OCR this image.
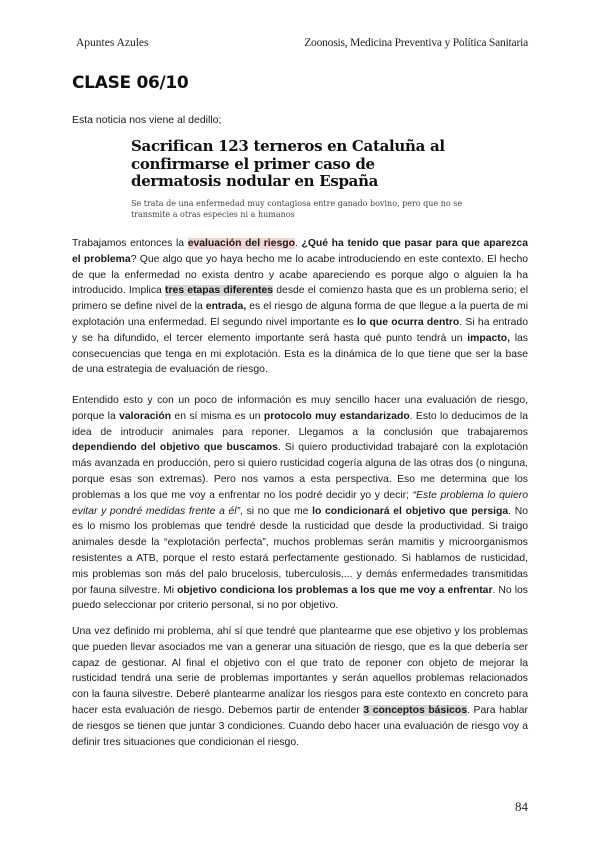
Apuntes Azules	Zoonosis, Medicina Preventiva y Política Sanitaria
CLASE 06/10
Esta noticia nos viene al dedillo;
Sacrifican 123 terneros en Cataluña al confirmarse el primer caso de dermatosis nodular en España
Se trata de una enfermedad muy contagiosa entre ganado bovino, pero que no se transmite a otras especies ni a humanos
Trabajamos entonces la evaluación del riesgo. ¿Qué ha tenido que pasar para que aparezca el problema? Que algo que yo haya hecho me lo acabe introduciendo en este contexto. El hecho de que la enfermedad no exista dentro y acabe apareciendo es porque algo o alguien la ha introducido. Implica tres etapas diferentes desde el comienzo hasta que es un problema serio; el primero se define nivel de la entrada, es el riesgo de alguna forma de que llegue a la puerta de mi explotación una enfermedad. El segundo nivel importante es lo que ocurra dentro. Si ha entrado y se ha difundido, el tercer elemento importante será hasta qué punto tendrá un impacto, las consecuencias que tenga en mi explotación. Esta es la dinámica de lo que tiene que ser la base de una estrategia de evaluación de riesgo.
Entendido esto y con un poco de información es muy sencillo hacer una evaluación de riesgo, porque la valoración en sí misma es un protocolo muy estandarizado. Esto lo deducimos de la idea de introducir animales para reponer. Llegamos a la conclusión que trabajaremos dependiendo del objetivo que buscamos. Si quiero productividad trabajaré con la explotación más avanzada en producción, pero si quiero rusticidad cogería alguna de las otras dos (o ninguna, porque esas son extremas). Pero nos vamos a esta perspectiva. Eso me determina que los problemas a los que me voy a enfrentar no los podré decidir yo y decir; “Este problema lo quiero evitar y pondré medidas frente a él”, si no que me lo condicionará el objetivo que persiga. No es lo mismo los problemas que tendré desde la rusticidad que desde la productividad. Si traigo animales desde la “explotación perfecta”, muchos problemas serán mamitis y microorganismos resistentes a ATB, porque el resto estará perfectamente gestionado. Si hablamos de rusticidad, mis problemas son más del palo brucelosis, tuberculosis,... y demás enfermedades transmitidas por fauna silvestre. Mi objetivo condiciona los problemas a los que me voy a enfrentar. No los puedo seleccionar por criterio personal, si no por objetivo.
Una vez definido mi problema, ahí sí que tendré que plantearme que ese objetivo y los problemas que pueden llevar asociados me van a generar una situación de riesgo, que es la que debería ser capaz de gestionar. Al final el objetivo con el que trato de reponer con objeto de mejorar la rusticidad tendrá una serie de problemas importantes y serán aquellos problemas relacionados con la fauna silvestre. Deberé plantearme analizar los riesgos para este contexto en concreto para hacer esta evaluación de riesgo. Debemos partir de entender 3 conceptos básicos. Para hablar de riesgos se tienen que juntar 3 condiciones. Cuando debo hacer una evaluación de riesgo voy a definir tres situaciones que condicionan el riesgo.
84
